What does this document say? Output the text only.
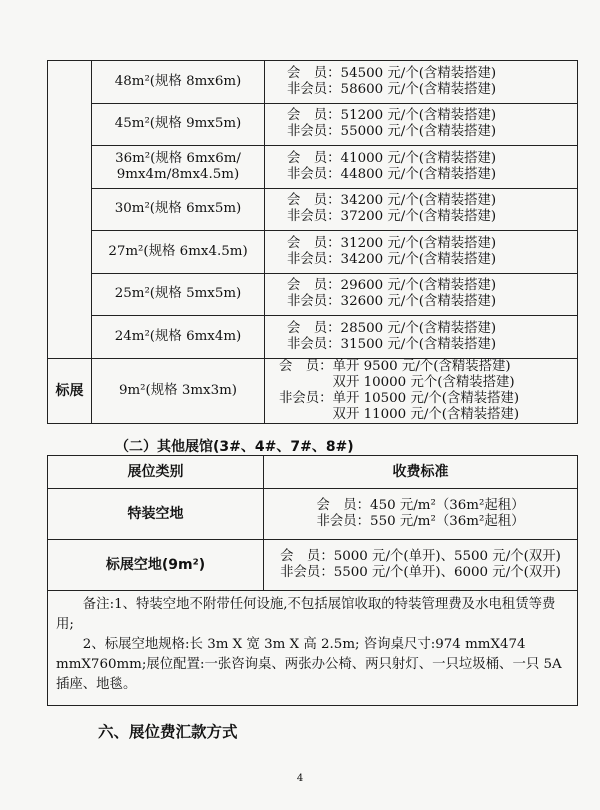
	48m²(规格 8mx6m)	会　员：54500 元/个(含精装搭建)
非会员：58600 元/个(含精装搭建)

	45m²(规格 9mx5m)	会　员：51200 元/个(含精装搭建)
非会员：55000 元/个(含精装搭建)

	36m²(规格 6mx6m/
9mx4m/8mx4.5m)	会　员：41000 元/个(含精装搭建)
非会员：44800 元/个(含精装搭建)

	30m²(规格 6mx5m)	会　员：34200 元/个(含精装搭建)
非会员：37200 元/个(含精装搭建)

	27m²(规格 6mx4.5m)	会　员：31200 元/个(含精装搭建)
非会员：34200 元/个(含精装搭建)

	25m²(规格 5mx5m)	会　员：29600 元/个(含精装搭建)
非会员：32600 元/个(含精装搭建)

	24m²(规格 6mx4m)	会　员：28500 元/个(含精装搭建)
非会员：31500 元/个(含精装搭建)

标展	9m²(规格 3mx3m)	会　员：单开 9500 元/个(含精装搭建)
　　　　双开 10000 元个(含精装搭建)
非会员：单开 10500 元/个(含精装搭建)
　　　　双开 11000 元/个(含精装搭建)
（二）其他展馆(3#、4#、7#、8#)
展位类别	收费标准
特装空地	会　员：450 元/m²（36m²起租）
非会员：550 元/m²（36m²起租）

标展空地(9m²)	会　员：5000 元/个(单开)、5500 元/个(双开)
非会员：5500 元/个(单开)、6000 元/个(双开)

备注:1、特装空地不附带任何设施,不包括展馆收取的特装管理费及水电租赁等费用;
2、标展空地规格:长 3m X 宽 3m X 高 2.5m; 咨询桌尺寸:974 mmX474 mmX760mm;展位配置:一张咨询桌、两张办公椅、两只射灯、一只垃圾桶、一只 5A 插座、地毯。	
六、展位费汇款方式
4
